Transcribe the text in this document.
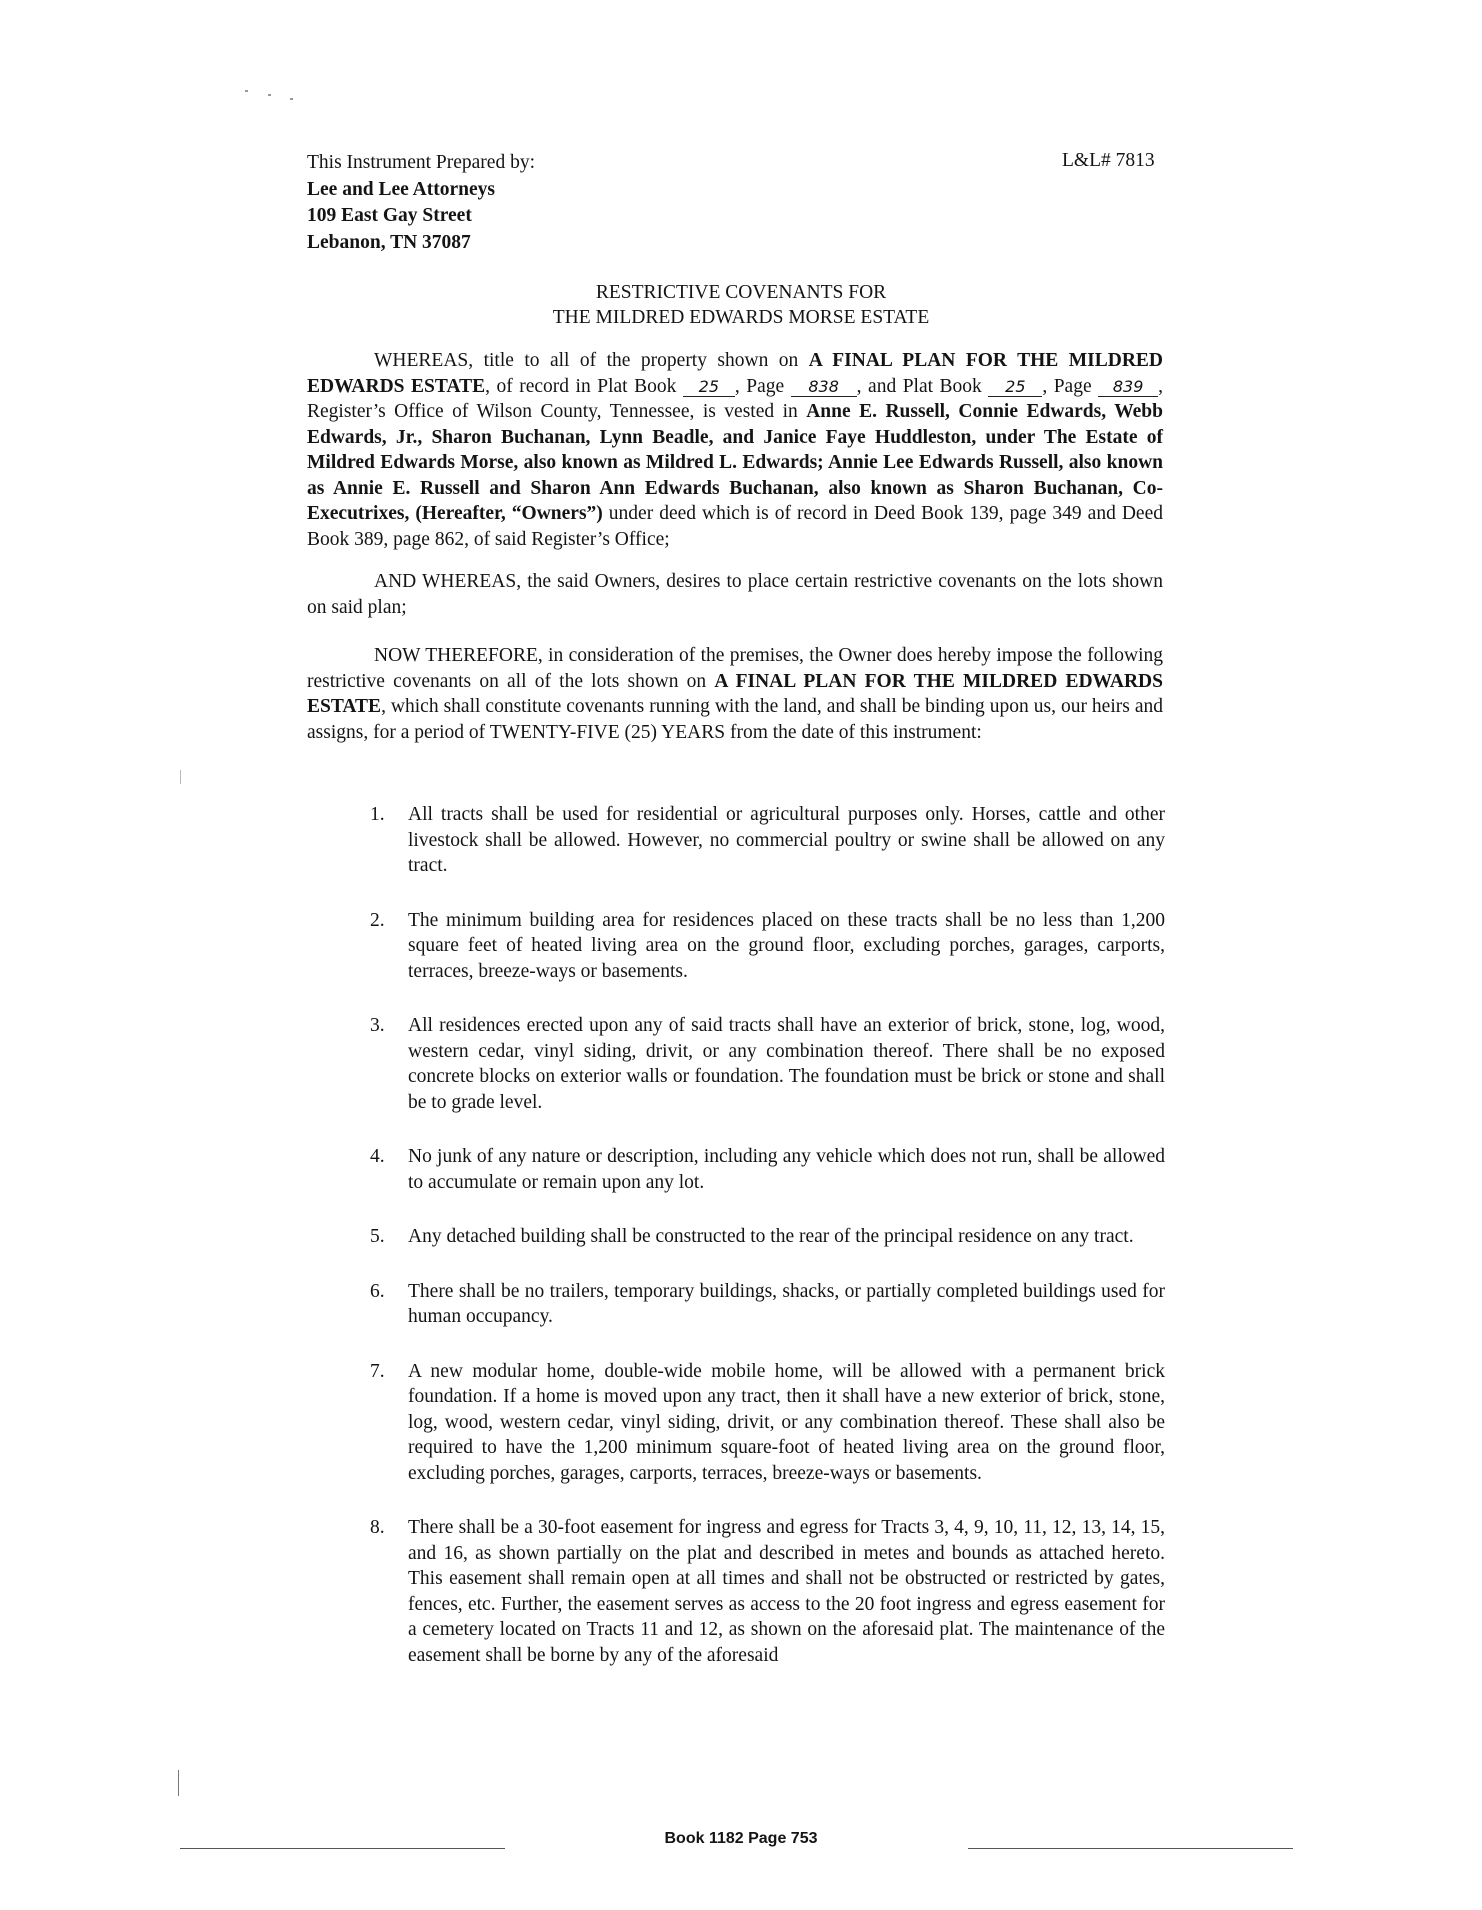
This Instrument Prepared by:
Lee and Lee Attorneys
109 East Gay Street
Lebanon, TN 37087
L&L# 7813
RESTRICTIVE COVENANTS FOR
THE MILDRED EDWARDS MORSE ESTATE
WHEREAS, title to all of the property shown on A FINAL PLAN FOR THE MILDRED EDWARDS ESTATE, of record in Plat Book 25 , Page 838 , and Plat Book 25 , Page 839 , Register’s Office of Wilson County, Tennessee, is vested in Anne E. Russell, Connie Edwards, Webb Edwards, Jr., Sharon Buchanan, Lynn Beadle, and Janice Faye Huddleston, under The Estate of Mildred Edwards Morse, also known as Mildred L. Edwards; Annie Lee Edwards Russell, also known as Annie E. Russell and Sharon Ann Edwards Buchanan, also known as Sharon Buchanan, Co-Executrixes, (Hereafter, “Owners”) under deed which is of record in Deed Book 139, page 349 and Deed Book 389, page 862, of said Register’s Office;
AND WHEREAS, the said Owners, desires to place certain restrictive covenants on the lots shown on said plan;
NOW THEREFORE, in consideration of the premises, the Owner does hereby impose the following restrictive covenants on all of the lots shown on A FINAL PLAN FOR THE MILDRED EDWARDS ESTATE, which shall constitute covenants running with the land, and shall be binding upon us, our heirs and assigns, for a period of TWENTY-FIVE (25) YEARS from the date of this instrument:
1. All tracts shall be used for residential or agricultural purposes only. Horses, cattle and other livestock shall be allowed. However, no commercial poultry or swine shall be allowed on any tract.
2. The minimum building area for residences placed on these tracts shall be no less than 1,200 square feet of heated living area on the ground floor, excluding porches, garages, carports, terraces, breeze-ways or basements.
3. All residences erected upon any of said tracts shall have an exterior of brick, stone, log, wood, western cedar, vinyl siding, drivit, or any combination thereof. There shall be no exposed concrete blocks on exterior walls or foundation. The foundation must be brick or stone and shall be to grade level.
4. No junk of any nature or description, including any vehicle which does not run, shall be allowed to accumulate or remain upon any lot.
5. Any detached building shall be constructed to the rear of the principal residence on any tract.
6. There shall be no trailers, temporary buildings, shacks, or partially completed buildings used for human occupancy.
7. A new modular home, double-wide mobile home, will be allowed with a permanent brick foundation. If a home is moved upon any tract, then it shall have a new exterior of brick, stone, log, wood, western cedar, vinyl siding, drivit, or any combination thereof. These shall also be required to have the 1,200 minimum square-foot of heated living area on the ground floor, excluding porches, garages, carports, terraces, breeze-ways or basements.
8. There shall be a 30-foot easement for ingress and egress for Tracts 3, 4, 9, 10, 11, 12, 13, 14, 15, and 16, as shown partially on the plat and described in metes and bounds as attached hereto. This easement shall remain open at all times and shall not be obstructed or restricted by gates, fences, etc. Further, the easement serves as access to the 20 foot ingress and egress easement for a cemetery located on Tracts 11 and 12, as shown on the aforesaid plat. The maintenance of the easement shall be borne by any of the aforesaid
Book 1182 Page 753
